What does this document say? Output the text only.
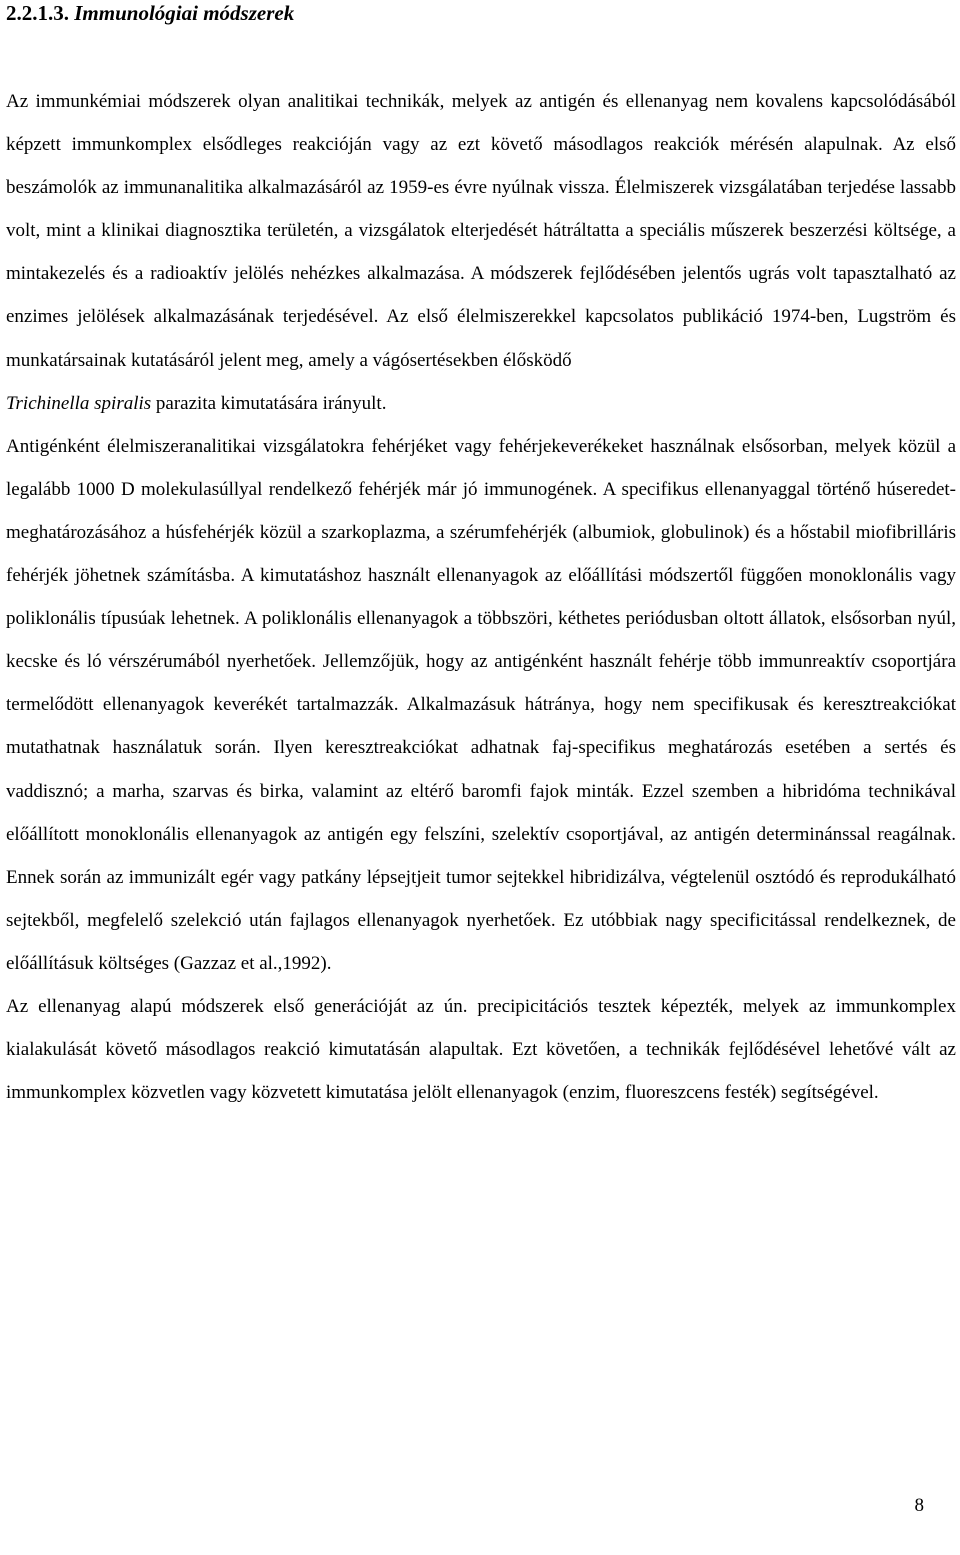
2.2.1.3. Immunológiai módszerek

Az immunkémiai módszerek olyan analitikai technikák, melyek az antigén és ellenanyag nem kovalens kapcsolódásából képzett immunkomplex elsődleges reakcióján vagy az ezt követő másodlagos reakciók mérésén alapulnak. Az első beszámolók az immunanalitika alkalmazásáról az 1959-es évre nyúlnak vissza. Élelmiszerek vizsgálatában terjedése lassabb volt, mint a klinikai diagnosztika területén, a vizsgálatok elterjedését hátráltatta a speciális műszerek beszerzési költsége, a mintakezelés és a radioaktív jelölés nehézkes alkalmazása. A módszerek fejlődésében jelentős ugrás volt tapasztalható az enzimes jelölések alkalmazásának terjedésével. Az első élelmiszerekkel kapcsolatos publikáció 1974-ben, Lugström és munkatársainak kutatásáról jelent meg, amely a vágósertésekben élősködő
Trichinella spiralis parazita kimutatására irányult.

Antigénként élelmiszeranalitikai vizsgálatokra fehérjéket vagy fehérjekeverékeket használnak elsősorban, melyek közül a legalább 1000 D molekulasúllyal rendelkező fehérjék már jó immunogének. A specifikus ellenanyaggal történő húseredet-meghatározásához a húsfehérjék közül a szarkoplazma, a szérumfehérjék (albumiok, globulinok) és a hőstabil miofibrilláris fehérjék jöhetnek számításba. A kimutatáshoz használt ellenanyagok az előállítási módszertől függően monoklonális vagy poliklonális típusúak lehetnek. A poliklonális ellenanyagok a többszöri, kéthetes periódusban oltott állatok, elsősorban nyúl, kecske és ló vérszérumából nyerhetőek. Jellemzőjük, hogy az antigénként használt fehérje több immunreaktív csoportjára termelődött ellenanyagok keverékét tartalmazzák. Alkalmazásuk hátránya, hogy nem specifikusak és keresztreakciókat mutathatnak használatuk során. Ilyen keresztreakciókat adhatnak faj-specifikus meghatározás esetében a sertés és vaddisznó; a marha, szarvas és birka, valamint az eltérő baromfi fajok minták. Ezzel szemben a hibridóma technikával előállított monoklonális ellenanyagok az antigén egy felszíni, szelektív csoportjával, az antigén determinánssal reagálnak. Ennek során az immunizált egér vagy patkány lépsejtjeit tumor sejtekkel hibridizálva, végtelenül osztódó és reprodukálható sejtekből, megfelelő szelekció után fajlagos ellenanyagok nyerhetőek. Ez utóbbiak nagy specificitással rendelkeznek, de előállításuk költséges (Gazzaz et al.,1992).

Az ellenanyag alapú módszerek első generációját az ún. precipicitációs tesztek képezték, melyek az immunkomplex kialakulását követő másodlagos reakció kimutatásán alapultak. Ezt követően, a technikák fejlődésével lehetővé vált az immunkomplex közvetlen vagy közvetett kimutatása jelölt ellenanyagok (enzim, fluoreszcens festék) segítségével.

8
